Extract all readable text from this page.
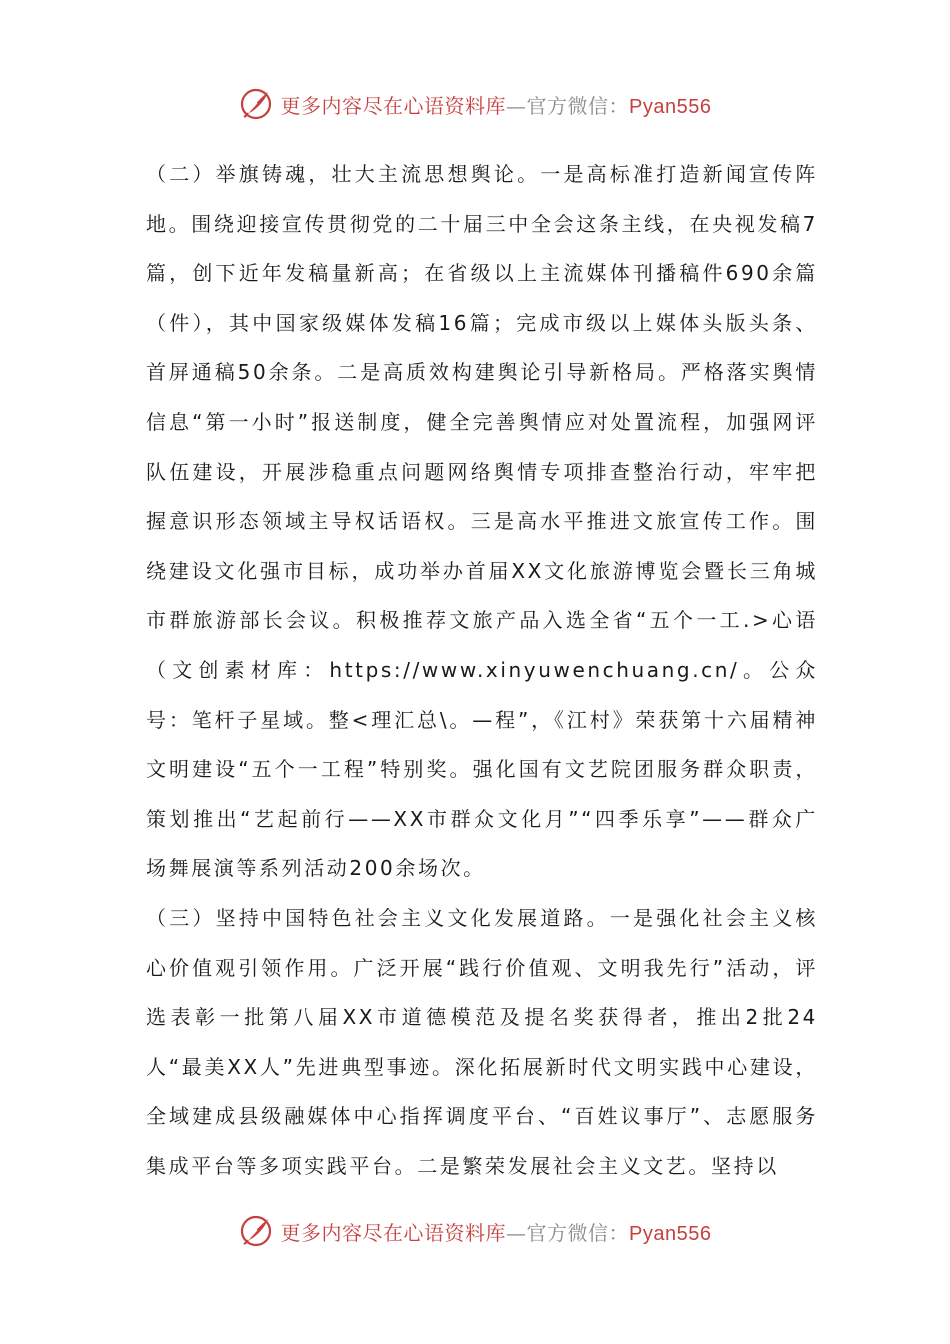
更多内容尽在心语资料库—官方微信：Pyan556

（二）举旗铸魂，壮大主流思想舆论。一是高标准打造新闻宣传阵地。围绕迎接宣传贯彻党的二十届三中全会这条主线，在央视发稿7篇，创下近年发稿量新高；在省级以上主流媒体刊播稿件690余篇（件），其中国家级媒体发稿16篇；完成市级以上媒体头版头条、首屏通稿50余条。二是高质效构建舆论引导新格局。严格落实舆情信息“第一小时”报送制度，健全完善舆情应对处置流程，加强网评队伍建设，开展涉稳重点问题网络舆情专项排查整治行动，牢牢把握意识形态领域主导权话语权。三是高水平推进文旅宣传工作。围绕建设文化强市目标，成功举办首届XX文化旅游博览会暨长三角城市群旅游部长会议。积极推荐文旅产品入选全省“五个一工.>心语（文创素材库：https://www.xinyuwenchuang.cn/。公众号：笔杆子星域。整<理汇总\。—程”，《江村》荣获第十六届精神文明建设“五个一工程”特别奖。强化国有文艺院团服务群众职责，策划推出“艺起前行——XX市群众文化月”“四季乐享”——群众广场舞展演等系列活动200余场次。

（三）坚持中国特色社会主义文化发展道路。一是强化社会主义核心价值观引领作用。广泛开展“践行价值观、文明我先行”活动，评选表彰一批第八届XX市道德模范及提名奖获得者，推出2批24人“最美XX人”先进典型事迹。深化拓展新时代文明实践中心建设，全域建成县级融媒体中心指挥调度平台、“百姓议事厅”、志愿服务集成平台等多项实践平台。二是繁荣发展社会主义文艺。坚持以

更多内容尽在心语资料库—官方微信：Pyan556
